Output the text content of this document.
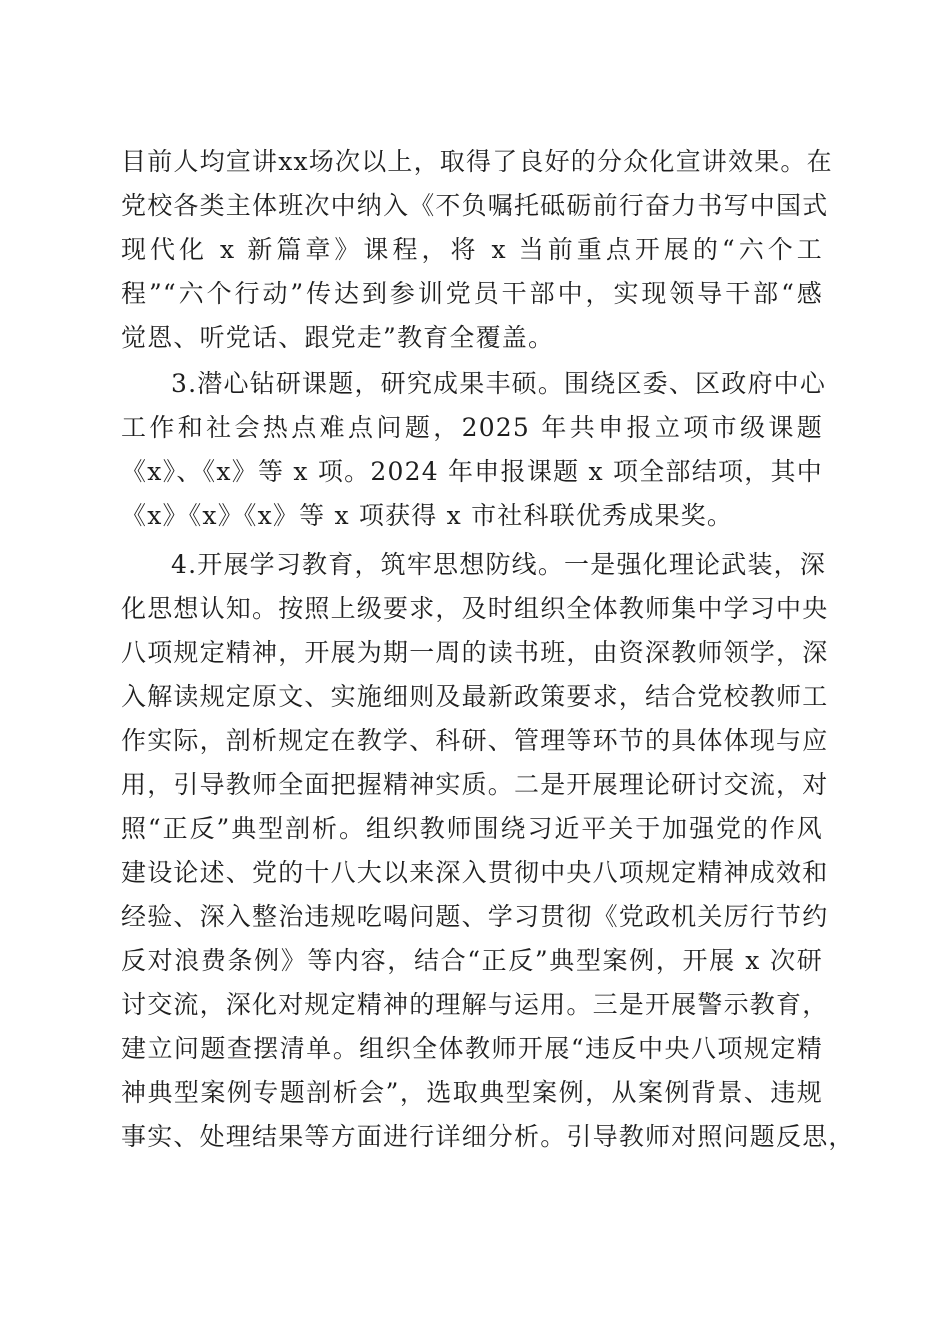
目前人均宣讲xx场次以上，取得了良好的分众化宣讲效果。在
党校各类主体班次中纳入《不负嘱托砥砺前行奋力书写中国式
现代化 x 新篇章》课程，将 x 当前重点开展的“六个工
程”“六个行动”传达到参训党员干部中，实现领导干部“感
觉恩、听党话、跟党走”教育全覆盖。
3.潜心钻研课题，研究成果丰硕。围绕区委、区政府中心
工作和社会热点难点问题，2025 年共申报立项市级课题
《x》、《x》等 x 项。2024 年申报课题 x 项全部结项，其中
《x》《x》《x》等 x 项获得 x 市社科联优秀成果奖。
4.开展学习教育，筑牢思想防线。一是强化理论武装，深
化思想认知。按照上级要求，及时组织全体教师集中学习中央
八项规定精神，开展为期一周的读书班，由资深教师领学，深
入解读规定原文、实施细则及最新政策要求，结合党校教师工
作实际，剖析规定在教学、科研、管理等环节的具体体现与应
用，引导教师全面把握精神实质。二是开展理论研讨交流，对
照“正反”典型剖析。组织教师围绕习近平关于加强党的作风
建设论述、党的十八大以来深入贯彻中央八项规定精神成效和
经验、深入整治违规吃喝问题、学习贯彻《党政机关厉行节约
反对浪费条例》等内容，结合“正反”典型案例，开展 x 次研
讨交流，深化对规定精神的理解与运用。三是开展警示教育，
建立问题查摆清单。组织全体教师开展“违反中央八项规定精
神典型案例专题剖析会”，选取典型案例，从案例背景、违规
事实、处理结果等方面进行详细分析。引导教师对照问题反思，
